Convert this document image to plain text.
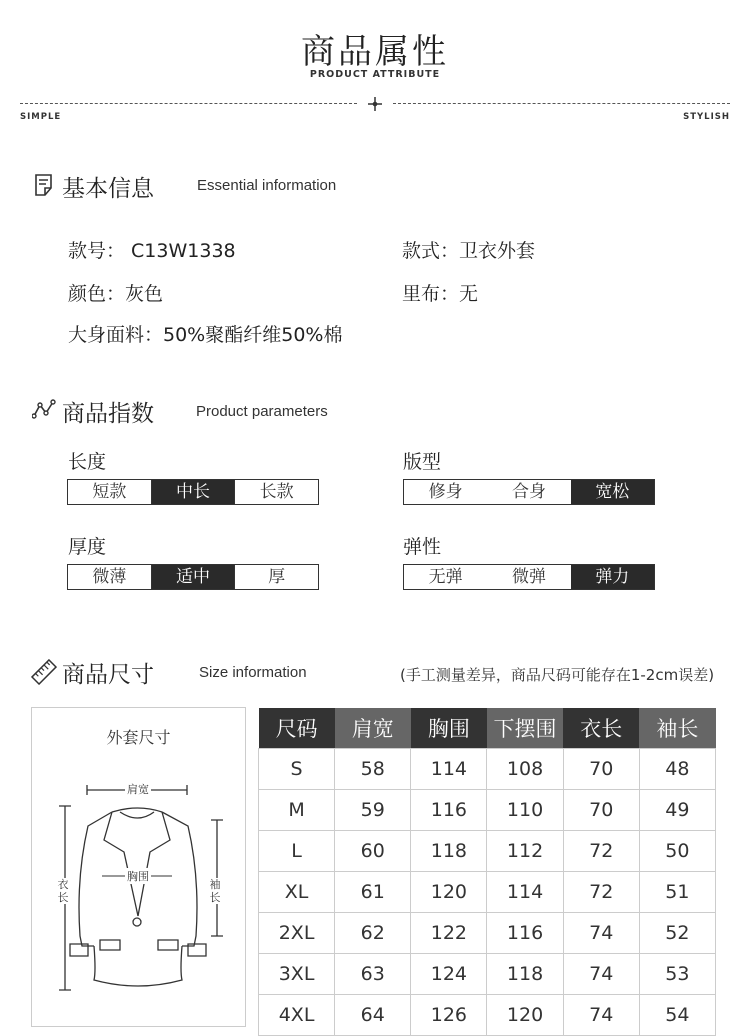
商品属性
PRODUCT ATTRIBUTE
SIMPLE	STYLISH
基本信息	Essential information
款号： C13W1338	款式：卫衣外套
颜色：灰色	里布：无
大身面料：50%聚酯纤维50%棉
商品指数	Product parameters
长度
短款	中长	长款
版型
修身	合身	宽松
厚度
微薄	适中	厚
弹性
无弹	微弹	弹力
商品尺寸	Size information	(手工测量差异，商品尺码可能存在1-2cm误差)
外套尺寸
肩宽
胸围
衣长
袖长
尺码	肩宽	胸围	下摆围	衣长	袖长
S	58	114	108	70	48
M	59	116	110	70	49
L	60	118	112	72	50
XL	61	120	114	72	51
2XL	62	122	116	74	52
3XL	63	124	118	74	53
4XL	64	126	120	74	54
